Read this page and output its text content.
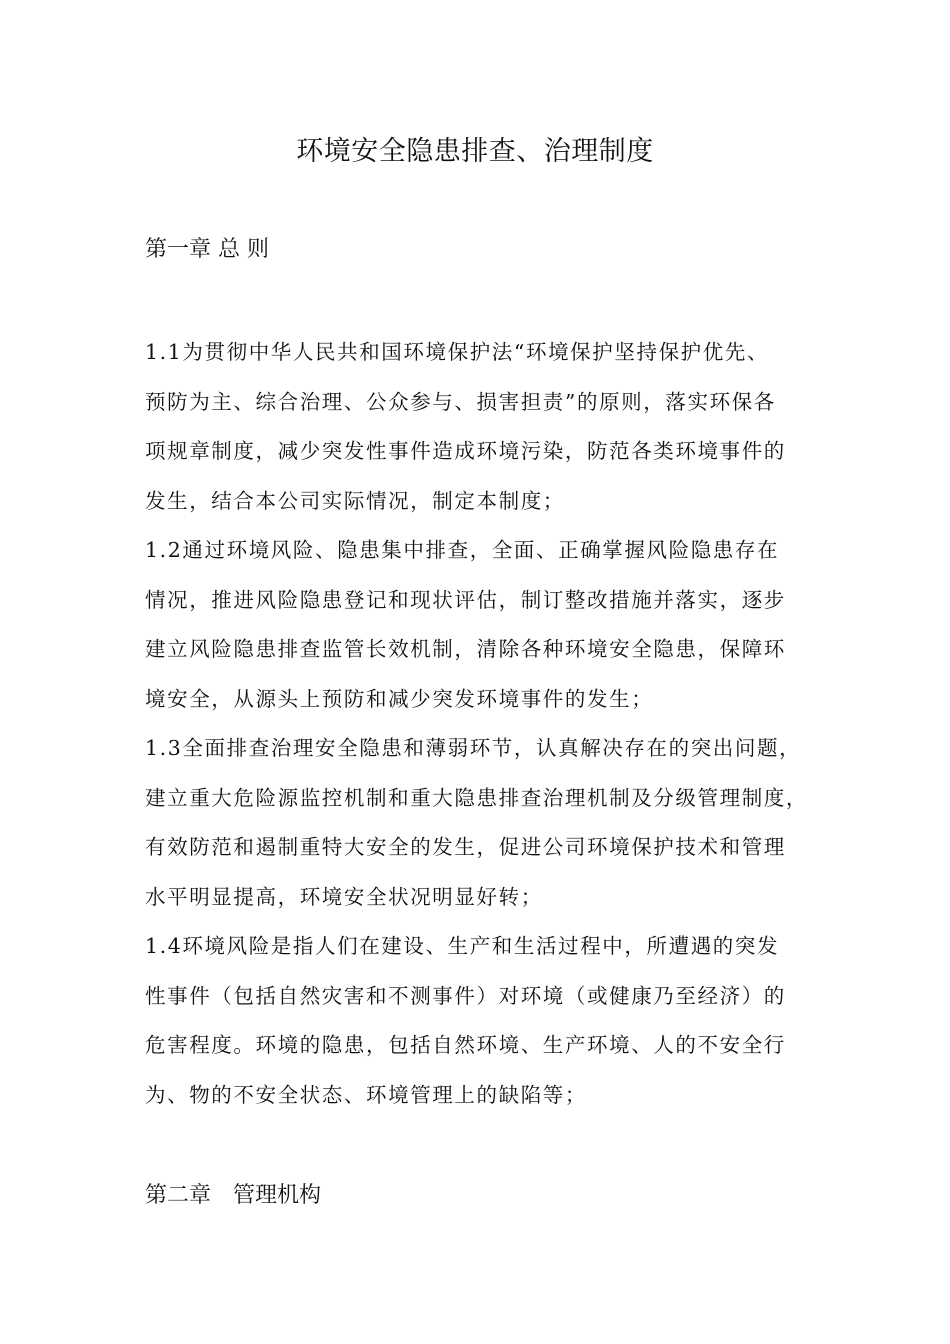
环境安全隐患排查、治理制度
第一章 总 则
1.1为贯彻中华人民共和国环境保护法“环境保护坚持保护优先、
预防为主、综合治理、公众参与、损害担责”的原则，落实环保各
项规章制度，减少突发性事件造成环境污染，防范各类环境事件的
发生，结合本公司实际情况，制定本制度；
1.2通过环境风险、隐患集中排查，全面、正确掌握风险隐患存在
情况，推进风险隐患登记和现状评估，制订整改措施并落实，逐步
建立风险隐患排查监管长效机制，清除各种环境安全隐患，保障环
境安全，从源头上预防和减少突发环境事件的发生；
1.3全面排查治理安全隐患和薄弱环节，认真解决存在的突出问题，
建立重大危险源监控机制和重大隐患排查治理机制及分级管理制度，
有效防范和遏制重特大安全的发生，促进公司环境保护技术和管理
水平明显提高，环境安全状况明显好转；
1.4环境风险是指人们在建设、生产和生活过程中，所遭遇的突发
性事件（包括自然灾害和不测事件）对环境（或健康乃至经济）的
危害程度。环境的隐患，包括自然环境、生产环境、人的不安全行
为、物的不安全状态、环境管理上的缺陷等；
第二章　管理机构
